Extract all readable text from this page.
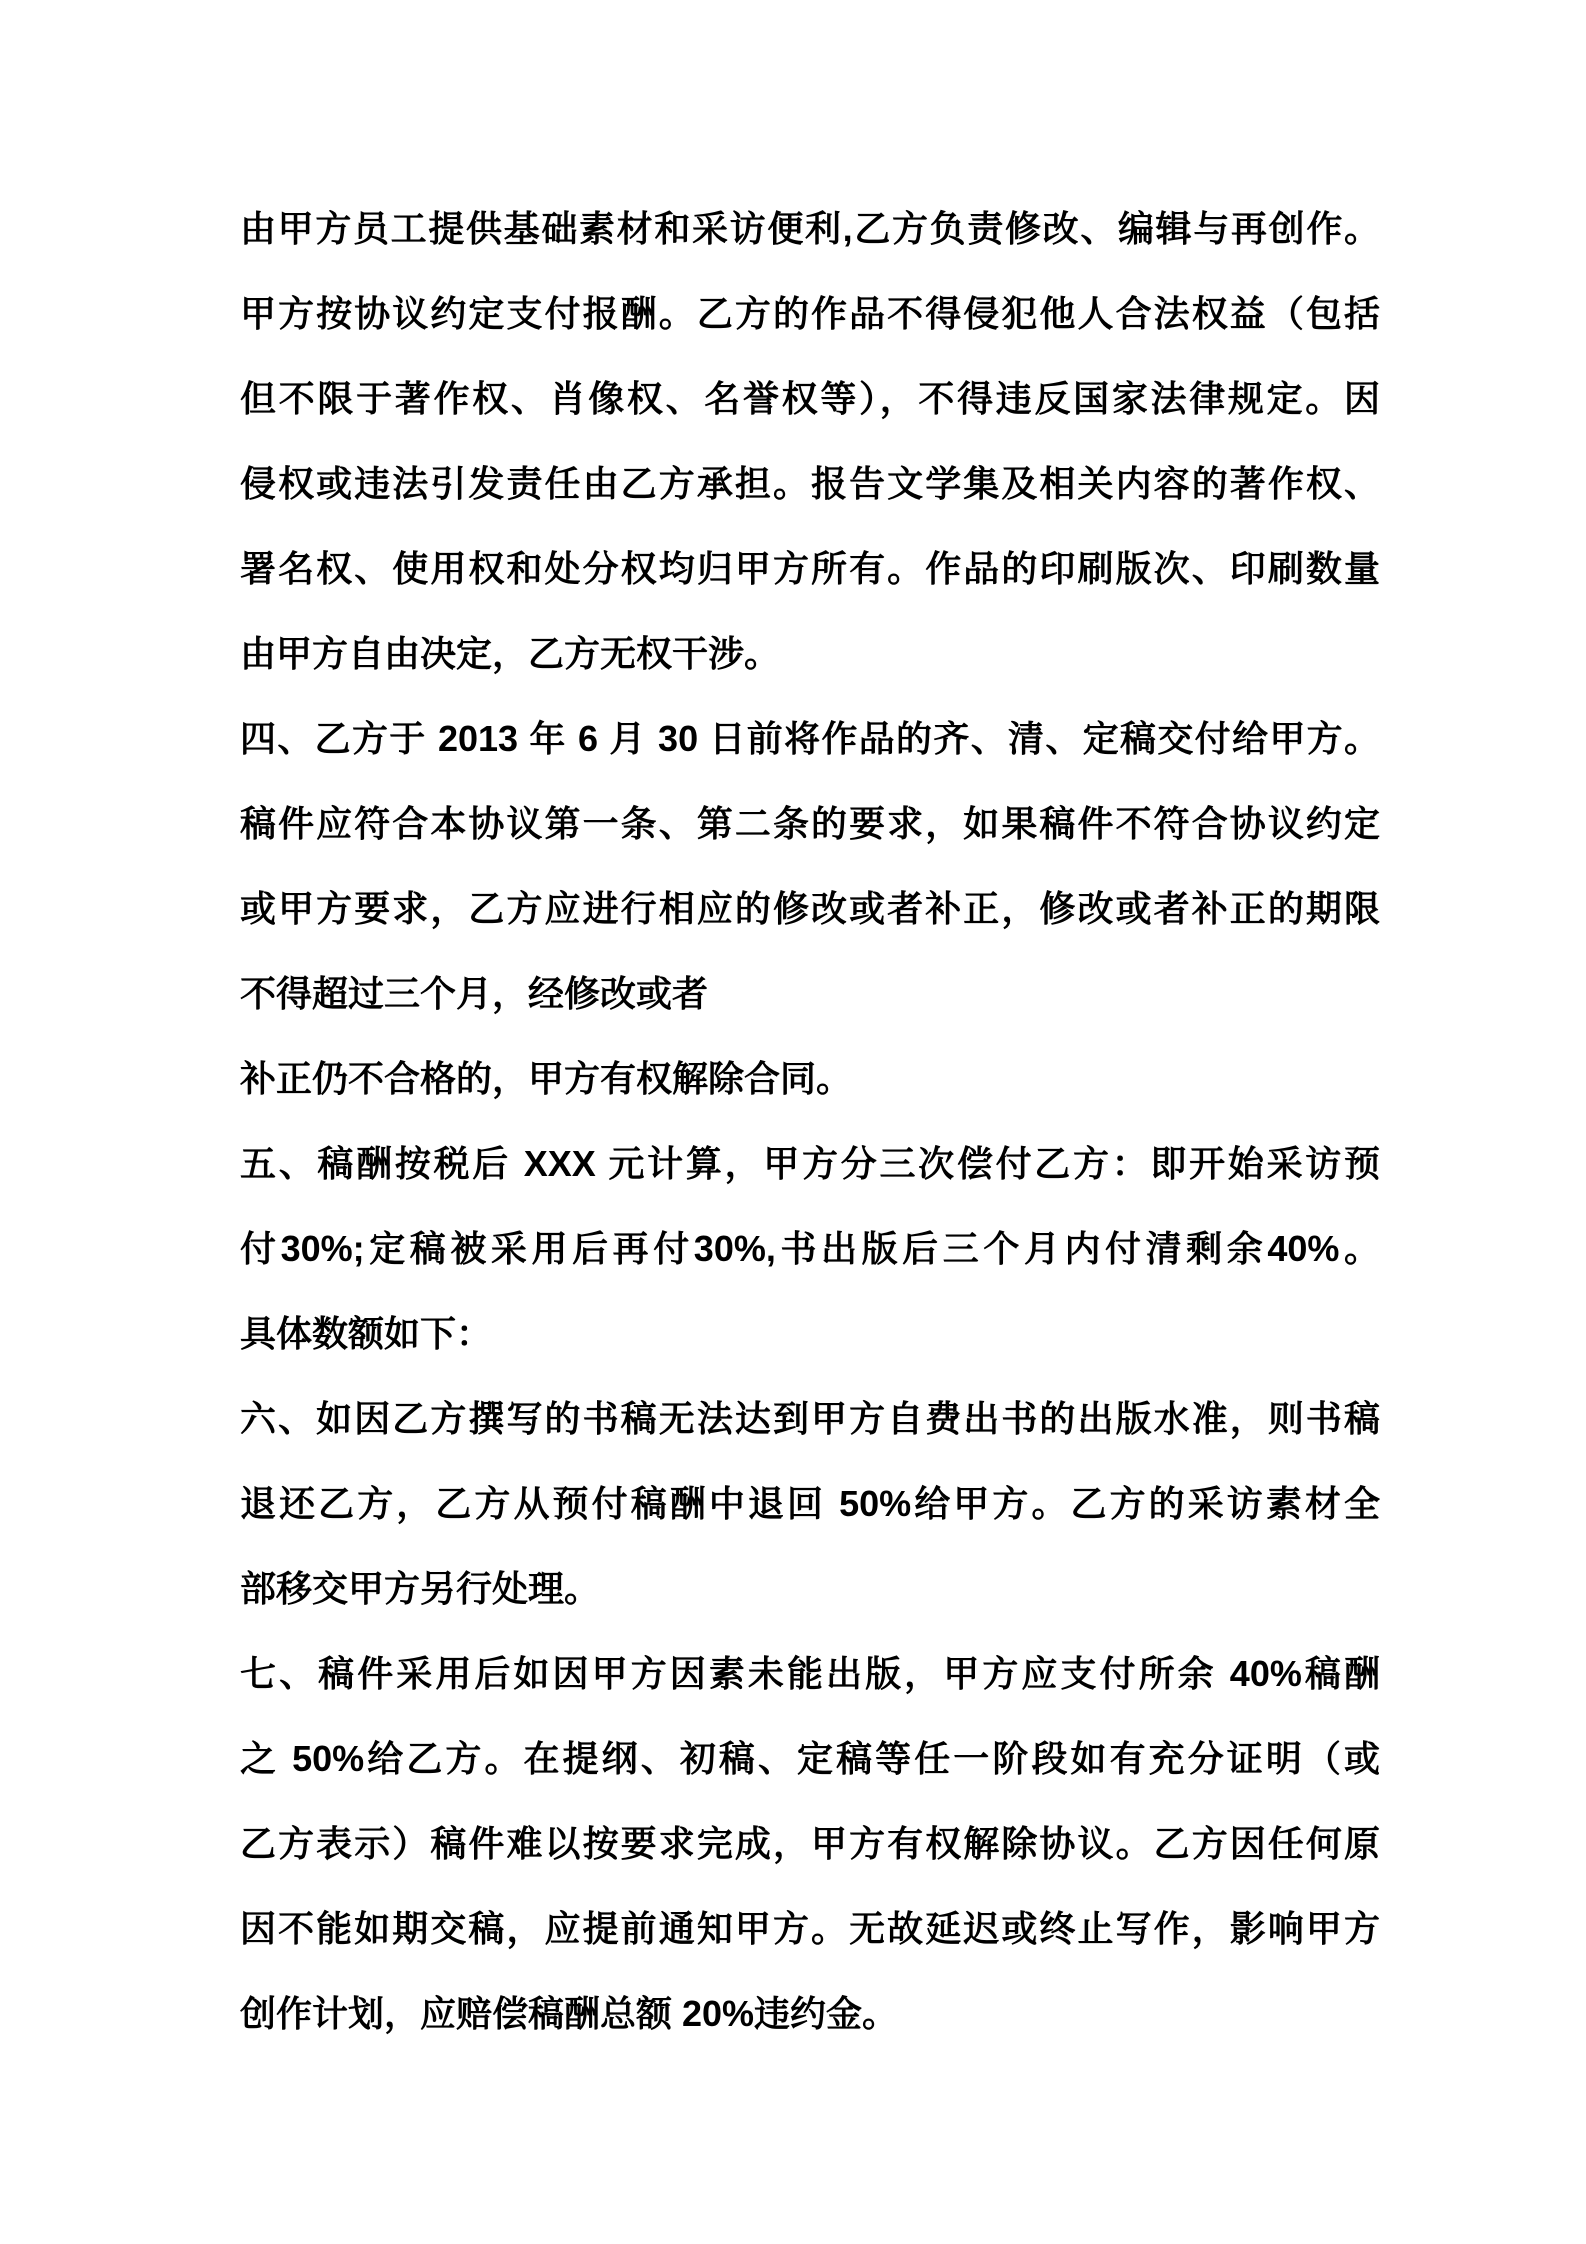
由甲方员工提供基础素材和采访便利,乙方负责修改、编辑与再创作。
甲方按协议约定支付报酬。乙方的作品不得侵犯他人合法权益（包括
但不限于著作权、肖像权、名誉权等），不得违反国家法律规定。因
侵权或违法引发责任由乙方承担。报告文学集及相关内容的著作权、
署名权、使用权和处分权均归甲方所有。作品的印刷版次、印刷数量
由甲方自由决定，乙方无权干涉。
四、乙方于 2013 年 6 月 30 日前将作品的齐、清、定稿交付给甲方。
稿件应符合本协议第一条、第二条的要求，如果稿件不符合协议约定
或甲方要求，乙方应进行相应的修改或者补正，修改或者补正的期限
不得超过三个月，经修改或者
补正仍不合格的，甲方有权解除合同。
五、稿酬按税后 XXX 元计算，甲方分三次偿付乙方：即开始采访预
付30%;定稿被采用后再付30%,书出版后三个月内付清剩余40%。
具体数额如下：
六、如因乙方撰写的书稿无法达到甲方自费出书的出版水准，则书稿
退还乙方，乙方从预付稿酬中退回 50%给甲方。乙方的采访素材全
部移交甲方另行处理。
七、稿件采用后如因甲方因素未能出版，甲方应支付所余 40%稿酬
之 50%给乙方。在提纲、初稿、定稿等任一阶段如有充分证明（或
乙方表示）稿件难以按要求完成，甲方有权解除协议。乙方因任何原
因不能如期交稿，应提前通知甲方。无故延迟或终止写作，影响甲方
创作计划，应赔偿稿酬总额 20%违约金。
